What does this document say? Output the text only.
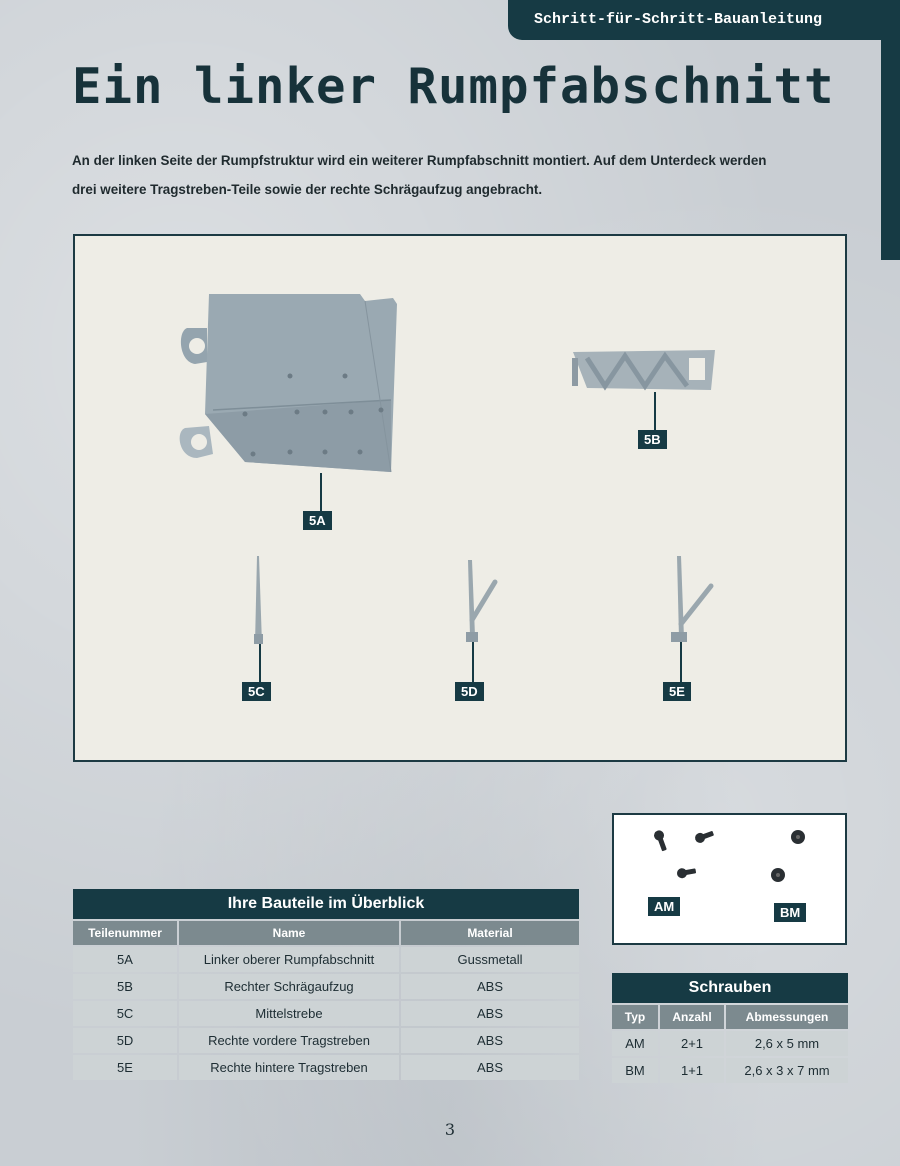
Schritt-für-Schritt-Bauanleitung
Ein linker Rumpfabschnitt

An der linken Seite der Rumpfstruktur wird ein weiterer Rumpfabschnitt montiert. Auf dem Unterdeck werden
drei weitere Tragstreben-Teile sowie der rechte Schrägaufzug angebracht.

5A
5B
5C	5D	5E
AM	BM
Ihre Bauteile im Überblick		
Teilenummer	Name	Material
5A	Linker oberer Rumpfabschnitt	Gussmetall
5B	Rechter Schrägaufzug	ABS
5C	Mittelstrebe	ABS
5D	Rechte vordere Tragstreben	ABS
5E	Rechte hintere Tragstreben	ABS
Schrauben		
Typ	Anzahl	Abmessungen
AM	2+1	2,6 x 5 mm
BM	1+1	2,6 x 3 x 7 mm
3
